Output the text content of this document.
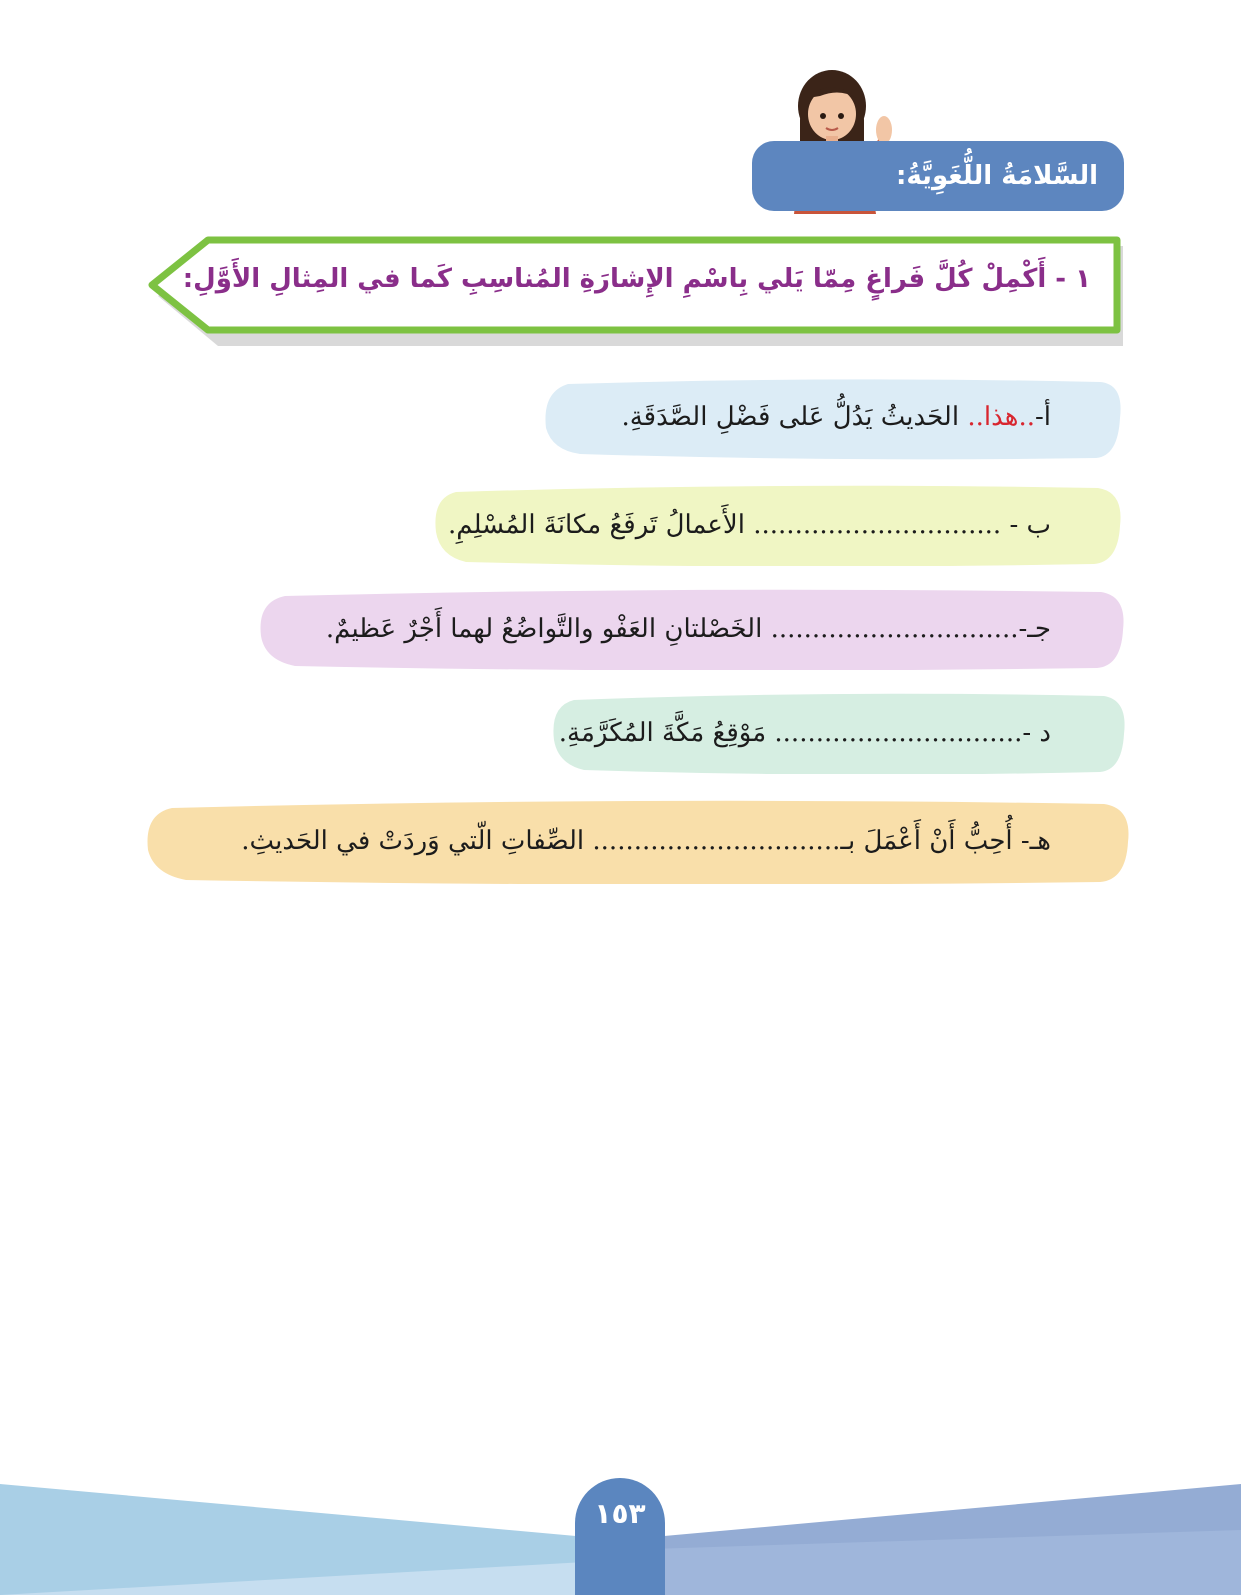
السَّلامَةُ اللُّغَوِيَّةُ:
١ - أَكْمِلْ كُلَّ فَراغٍ مِمّا يَلي بِاسْمِ الإِشارَةِ المُناسِبِ كَما في المِثالِ الأَوَّلِ:
أ-..هذا.. الحَديثُ يَدُلُّ عَلى فَضْلِ الصَّدَقَةِ.
ب - .............................. الأَعمالُ تَرفَعُ مكانَةَ المُسْلِمِ.
جـ-.............................. الخَصْلتانِ العَفْو والتَّواضُعُ لهما أَجْرٌ عَظيمٌ.
د -.............................. مَوْقِعُ مَكَّةَ المُكَرَّمَةِ.
هـ- أُحِبُّ أَنْ أَعْمَلَ بـ.............................. الصِّفاتِ الّتي وَردَتْ في الحَديثِ.
١٥٣
